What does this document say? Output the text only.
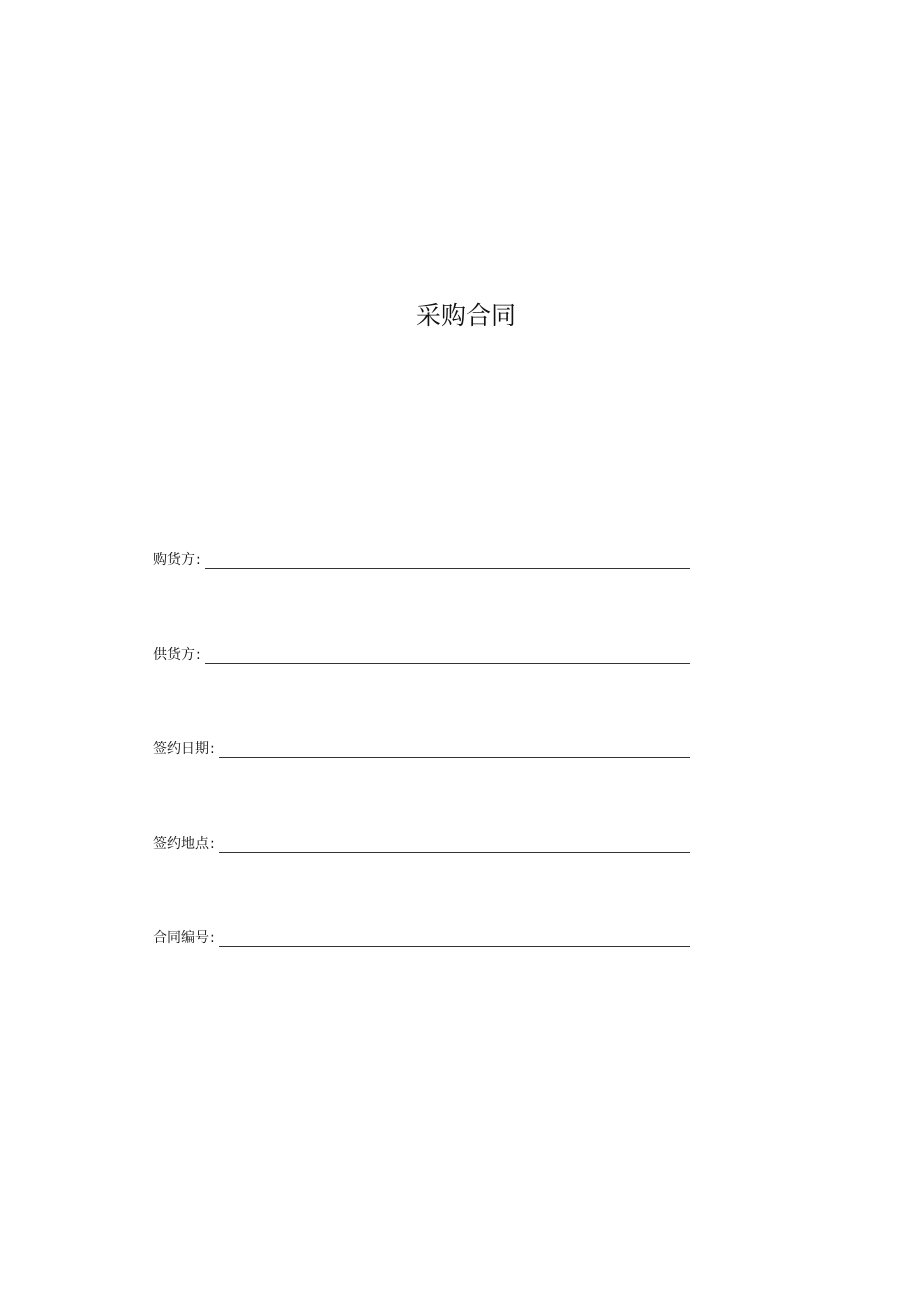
采购合同
购货方 :
供货方 :
签约日期 :
签约地点 :
合同编号 :
